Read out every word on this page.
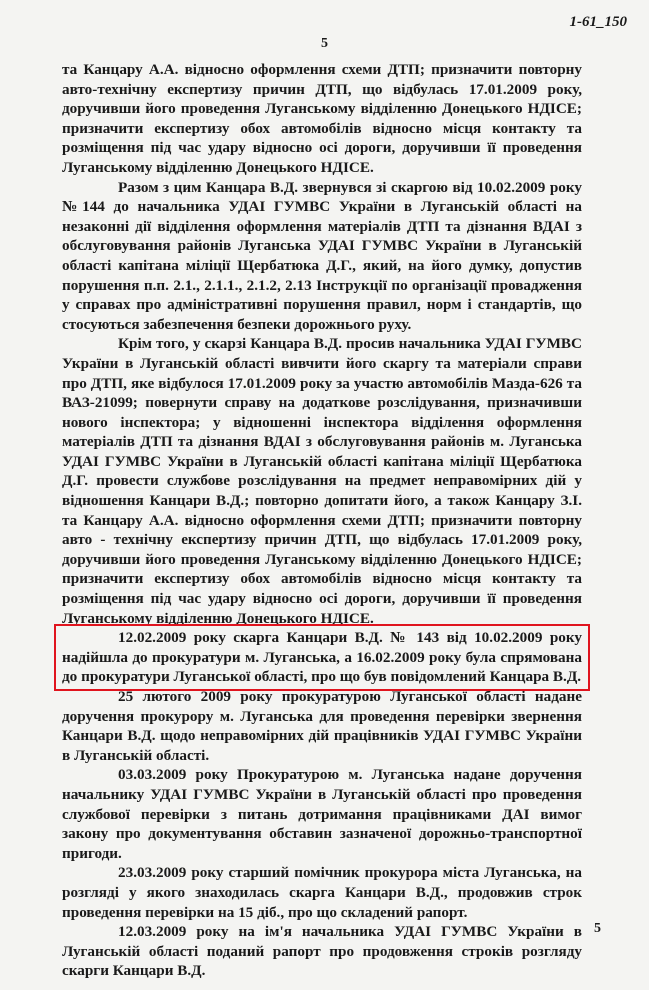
1-61_150
5

та Канцару А.А. відносно оформлення схеми ДТП; призначити повторну авто-технічну експертизу причин ДТП, що відбулась 17.01.2009 року, доручивши його проведення Луганському відділенню Донецького НДІСЕ; призначити експертизу обох автомобілів відносно місця контакту та розміщення під час удару відносно осі дороги, доручивши її проведення Луганському відділенню Донецького НДІСЕ.

Разом з цим Канцара В.Д. звернувся зі скаргою від 10.02.2009 року №144 до начальника УДАІ ГУМВС України в Луганській області на незаконні дії відділення оформлення матеріалів ДТП та дізнання ВДАІ з обслуговування районів Луганська УДАІ ГУМВС України в Луганській області капітана міліції Щербатюка Д.Г., який, на його думку, допустив порушення п.п. 2.1., 2.1.1., 2.1.2, 2.13 Інструкції по організації провадження у справах про адміністративні порушення правил, норм і стандартів, що стосуються забезпечення безпеки дорожнього руху.

Крім того, у скарзі Канцара В.Д. просив начальника УДАІ ГУМВС України в Луганській області вивчити його скаргу та матеріали справи про ДТП, яке відбулося 17.01.2009 року за участю автомобілів Мазда-626 та ВАЗ-21099; повернути справу на додаткове розслідування, призначивши нового інспектора; у відношенні інспектора відділення оформлення матеріалів ДТП та дізнання ВДАІ з обслуговування районів м. Луганська УДАІ ГУМВС України в Луганській області капітана міліції Щербатюка Д.Г. провести службове розслідування на предмет неправомірних дій у відношення Канцари В.Д.; повторно допитати його, а також Канцару З.І. та Канцару А.А. відносно оформлення схеми ДТП; призначити повторну авто - технічну експертизу причин ДТП, що відбулась 17.01.2009 року, доручивши його проведення Луганському відділенню Донецького НДІСЕ; призначити експертизу обох автомобілів відносно місця контакту та розміщення під час удару відносно осі дороги, доручивши її проведення Луганському відділенню Донецького НДІСЕ.

12.02.2009 року скарга Канцари В.Д. № 143 від 10.02.2009 року надійшла до прокуратури м. Луганська, а 16.02.2009 року була спрямована до прокуратури Луганської області, про що був повідомлений Канцара В.Д.

25 лютого 2009 року прокуратурою Луганської області надане доручення прокурору м. Луганська для проведення перевірки звернення Канцари В.Д. щодо неправомірних дій працівників УДАІ ГУМВС України в Луганській області.

03.03.2009 року Прокуратурою м. Луганська надане доручення начальнику УДАІ ГУМВС України в Луганській області про проведення службової перевірки з питань дотримання працівниками ДАІ вимог закону про документування обставин зазначеної дорожньо-транспортної пригоди.

23.03.2009 року старший помічник прокурора міста Луганська, на розгляді у якого знаходилась скарга Канцари В.Д., продовжив строк проведення перевірки на 15 діб., про що складений рапорт.

12.03.2009 року на ім'я начальника УДАІ ГУМВС України в Луганській області поданий рапорт про продовження строків розгляду скарги Канцари В.Д.

5
